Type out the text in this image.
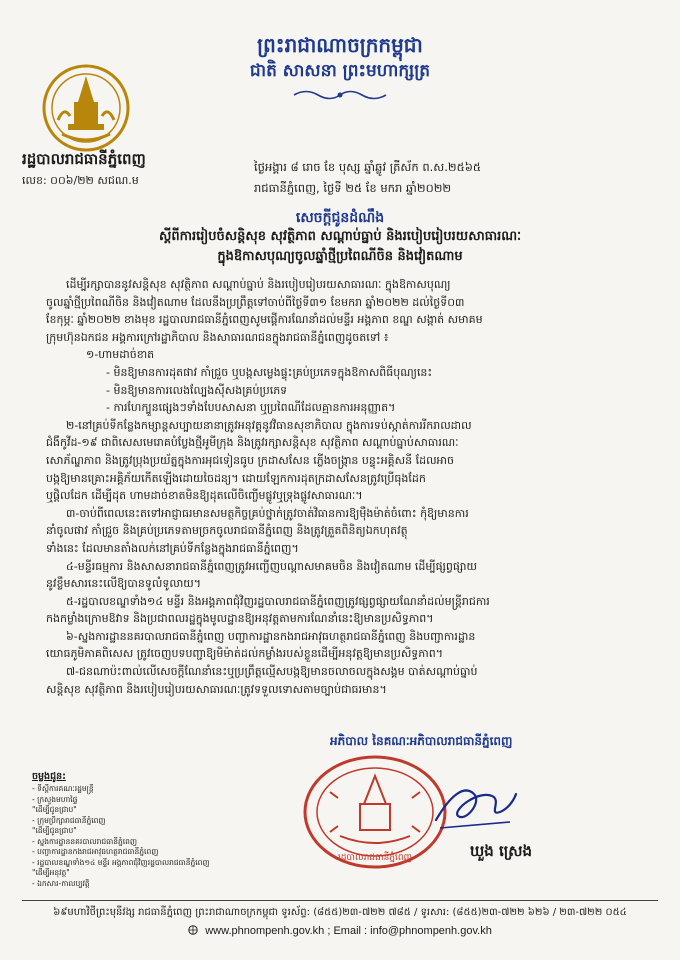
ព្រះរាជាណាចក្រកម្ពុជា
ជាតិ សាសនា ព្រះមហាក្សត្រ
រដ្ឋបាលរាជធានីភ្នំពេញ
លេខ: ០០៦/២២ សជណ.ម
ថ្ងៃអង្គារ ៨ រោច ខែ បុស្ស ឆ្នាំឆ្លូវ ត្រីស័ក ព.ស.២៥៦៥
រាជធានីភ្នំពេញ, ថ្ងៃទី ២៥ ខែ មករា ឆ្នាំ២០២២
សេចក្តីជូនដំណឹង
ស្តីពីការរៀបចំសន្តិសុខ សុវត្ថិភាព សណ្តាប់ធ្នាប់ និងរបៀបរៀបរយសាធារណៈ
ក្នុងឱកាសបុណ្យចូលឆ្នាំថ្មីប្រពៃណីចិន និងវៀតណាម
ដើម្បីរក្សាបាននូវសន្តិសុខ សុវត្ថិភាព សណ្តាប់ធ្នាប់ និងរបៀបរៀបរយសាធារណៈ ក្នុងឱកាសបុណ្យ
ចូលឆ្នាំថ្មីប្រពៃណីចិន និងវៀតណាម ដែលនឹងប្រព្រឹត្តទៅចាប់ពីថ្ងៃទី៣១ ខែមករា ឆ្នាំ២០២២ ដល់ថ្ងៃទី០៣
ខែកុម្ភៈ ឆ្នាំ២០២២ ខាងមុខ រដ្ឋបាលរាជធានីភ្នំពេញសូមផ្តើការណែនាំដល់មន្ទីរ អង្គភាព ខណ្ឌ សង្កាត់ សមាគម
ក្រុមហ៊ុនឯកជន អង្គការក្រៅរដ្ឋាភិបាល និងសាធារណជនក្នុងរាជធានីភ្នំពេញដូចតទៅ ៖
១-ហាមដាច់ខាត
- មិនឱ្យមានការដុតផាវ កាំជ្រួច ឬបង្កសម្លេងផ្ទុះគ្រប់ប្រភេទក្នុងឱកាសពិធីបុណ្យនេះ
- មិនឱ្យមានការលេងល្បែងស៊ីសងគ្រប់ប្រភេទ
- ការហែក្បួនផ្សេងៗទាំងបែបសាសនា ឬប្រពៃណីដែលគ្មានការអនុញ្ញាត។
២-នៅគ្រប់ទីកន្លែងកម្សាន្តសប្បាយនានាត្រូវអនុវត្តនូវវិធានសុខាភិបាល ក្នុងការទប់ស្កាត់ការរីករាលដាល
ជំងឺកូវីដ-១៩ ជាពិសេសមេរោគបំប្លែងថ្មីអូមីក្រុង និងត្រូវរក្សាសន្តិសុខ សុវត្ថិភាព សណ្តាប់ធ្នាប់សាធារណៈ
សោភ័ណ្ឌភាព និងត្រូវប្រុងប្រយ័ត្នក្នុងការអុជទៀនធូប ក្រដាសសែន ភ្លើងចង្ក្រាន បន្ទុះអគ្គិសនី ដែលអាច
បង្កឱ្យមានគ្រោះអគ្គិភ័យកើតឡើងដោយចៃដន្យ។ ដោយឡែកការដុតក្រដាសសែនត្រូវប្រើធុងដែក
ឬផ្តិលដែក ដើម្បីដុត ហាមដាច់ខាតមិនឱ្យដុតលើចិញ្ចើមផ្លូវឬទ្រុងផ្លូវសាធារណៈ។
៣-ចាប់ពីពេលនេះតទៅអាជ្ញាធរមានសមត្ថកិច្ចគ្រប់ថ្នាក់ត្រូវចាត់វិធានការឱ្យម៉ឺងម៉ាត់ចំពោះ កុំឱ្យមានការ
នាំចូលផាវ កាំជ្រួច និងគ្រប់ប្រភេទតាមច្រកចូលរាជធានីភ្នំពេញ និងត្រូវត្រួតពិនិត្យឯកហុតវត្ថុ
ទាំងនេះ ដែលមានតាំងលក់នៅគ្រប់ទីកន្លែងក្នុងរាជធានីភ្នំពេញ។
៤-មន្ទីរធម្មការ និងសាសនារាជធានីភ្នំពេញត្រូវអញ្ជើញបណ្តាសមាគមចិន និងវៀតណាម ដើម្បីផ្សព្វផ្សាយ
នូវខ្លឹមសារនេះលើឱ្យបានទូលំទូលាយ។
៥-រដ្ឋបាលខណ្ឌទាំង១៤ មន្ទីរ និងអង្គភាពជុំវិញរដ្ឋបាលរាជធានីភ្នំពេញត្រូវផ្សព្វផ្សាយណែនាំដល់មន្ត្រីរាជការ
កងកម្លាំងក្រោមឱវាទ និងប្រជាពលរដ្ឋក្នុងមូលដ្ឋានឱ្យអនុវត្តតាមការណែនាំនេះឱ្យមានប្រសិទ្ធភាព។
៦-ស្នងការដ្ឋាននគរបាលរាជធានីភ្នំពេញ បញ្ជាការដ្ឋានកងរាជអាវុធហត្ថរាជធានីភ្នំពេញ និងបញ្ជាការដ្ឋាន
យោធភូមិភាគពិសេស ត្រូវចេញបទបញ្ជាឱ្យមិម៉ាត់ដល់កម្លាំងរបស់ខ្លួនដើម្បីអនុវត្តឱ្យមានប្រសិទ្ធភាព។
៧-ជនណាប៉ះពាល់លើសេចក្តីណែនាំនេះឬប្រព្រឹត្តល្មើសបង្កឱ្យមានចលាចលក្នុងសង្គម បាត់សណ្តាប់ធ្នាប់
សន្តិសុខ សុវត្ថិភាព និងរបៀបរៀបរយសាធារណៈត្រូវទទួលទោសតាមច្បាប់ជាធរមាន។
ចម្លងជូន:
- ទីស្តីការគណៈរដ្ឋមន្ត្រី
- ក្រសួងមហាផ្ទៃ
"ដើម្បីជូនជ្រាប"
- ក្រុមប្រឹក្សារាជធានីភ្នំពេញ
"ដើម្បីជូនជ្រាប"
- ស្នងការដ្ឋាននគរបាលរាជធានីភ្នំពេញ
- បញ្ជាការដ្ឋានកងរាជអាវុធហត្ថរាជធានីភ្នំពេញ
- រដ្ឋបាលខណ្ឌទាំង១៤ មន្ទីរ អង្គភាពជុំវិញរដ្ឋបាលរាជធានីភ្នំពេញ
"ដើម្បីអនុវត្ត"
- ឯកសារ-កាលប្បវត្តិ
អភិបាល នៃគណៈអភិបាលរាជធានីភ្នំពេញ
រដ្ឋបាលរាជធានីភ្នំពេញ	ឃួង ស្រេង
៦៩មហាវិថីព្រះមុនីវង្ស រាជធានីភ្នំពេញ ព្រះរាជាណាចក្រកម្ពុជា ទូរស័ព្ទ: (៨៥៥)២៣-៧២២ ៧៨៥ / ទូរសារ: (៨៥៥)២៣-៧២២ ៦២៦ / ២៣-៧២២ ០៥៤
www.phnompenh.gov.kh ; Email : info@phnompenh.gov.kh
